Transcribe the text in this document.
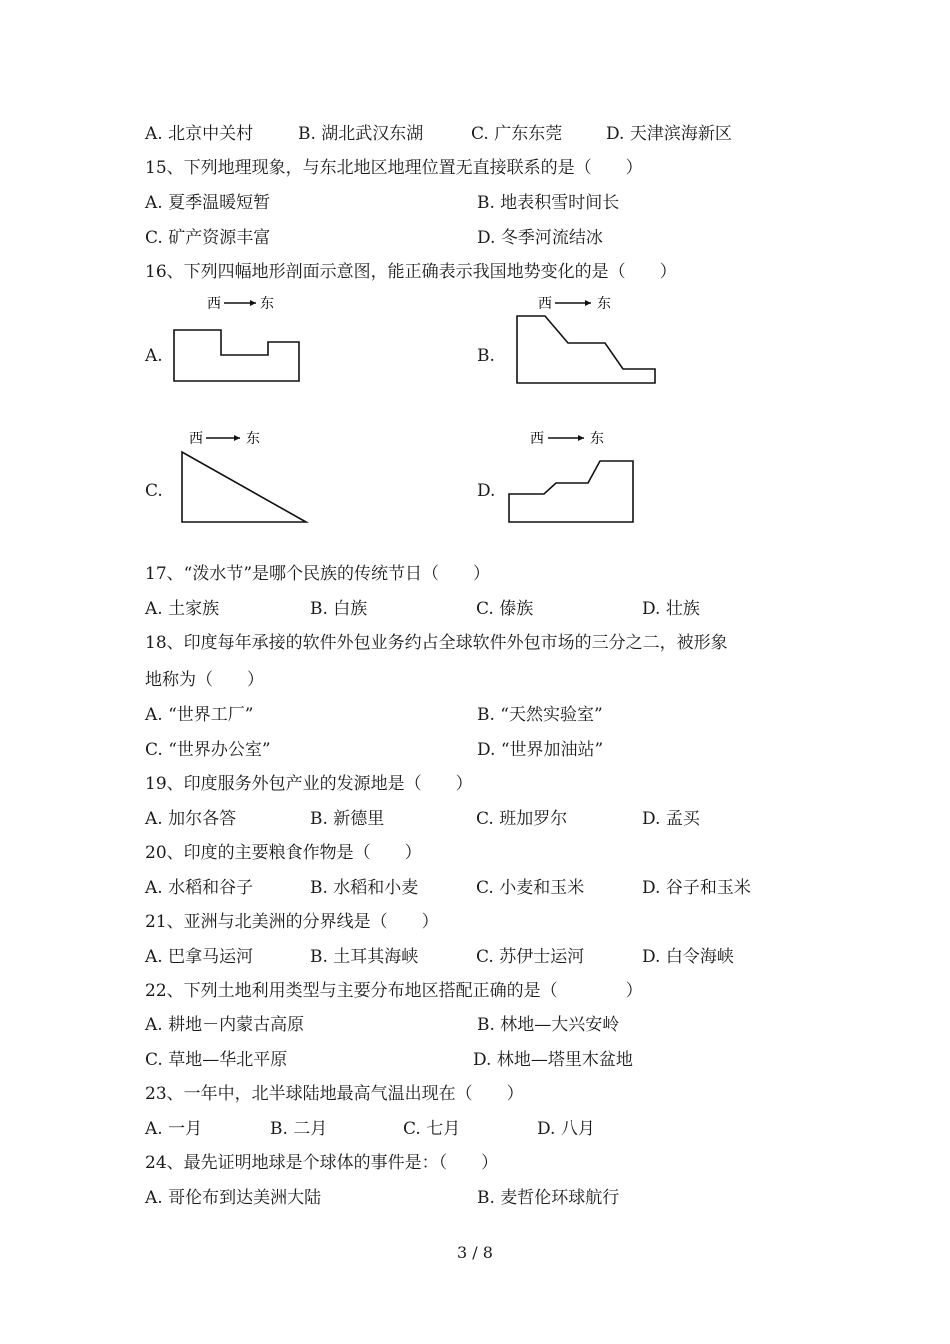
A. 北京中关村	B. 湖北武汉东湖	C. 广东东莞	D. 天津滨海新区
15、下列地理现象，与东北地区地理位置无直接联系的是（　　）
A. 夏季温暖短暂	B. 地表积雪时间长
C. 矿产资源丰富	D. 冬季河流结冰
16、下列四幅地形剖面示意图，能正确表示我国地势变化的是（　　）
A.	B.
C.	D.
西	东	西	东
西	东	西	东
17、“泼水节”是哪个民族的传统节日（　　）
A. 土家族	B. 白族	C. 傣族	D. 壮族
18、印度每年承接的软件外包业务约占全球软件外包市场的三分之二，被形象
地称为（　　）
A. “世界工厂”	B. “天然实验室”
C. “世界办公室”	D. “世界加油站”
19、印度服务外包产业的发源地是（　　）
A. 加尔各答	B. 新德里	C. 班加罗尔	D. 孟买
20、印度的主要粮食作物是（　　）
A. 水稻和谷子	B. 水稻和小麦	C. 小麦和玉米	D. 谷子和玉米
21、亚洲与北美洲的分界线是（　　）
A. 巴拿马运河	B. 土耳其海峡	C. 苏伊士运河	D. 白令海峡
22、下列土地利用类型与主要分布地区搭配正确的是（　　　　）
A. 耕地－内蒙古高原	B. 林地—大兴安岭
C. 草地—华北平原	D. 林地—塔里木盆地
23、一年中，北半球陆地最高气温出现在（　　）
A. 一月	B. 二月	C. 七月	D. 八月
24、最先证明地球是个球体的事件是：（　　）
A. 哥伦布到达美洲大陆	B. 麦哲伦环球航行
3 / 8
